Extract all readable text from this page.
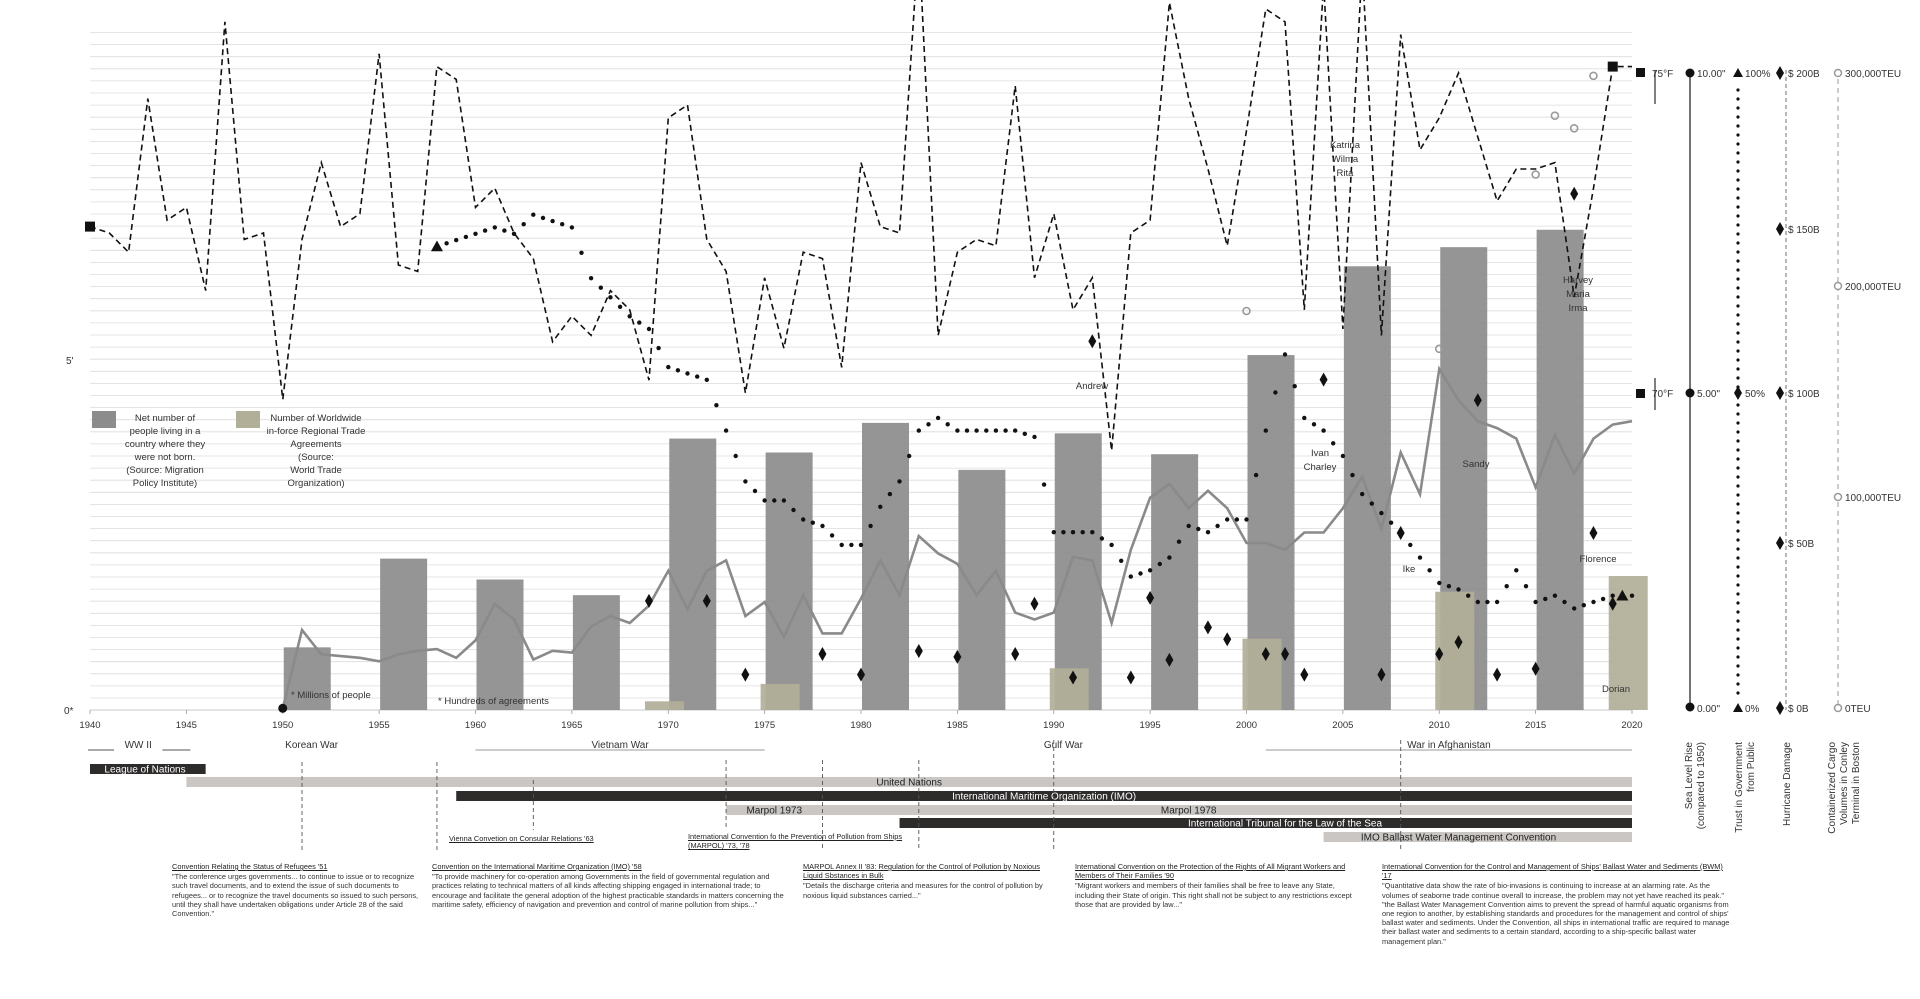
0*
5'
1940	1945	1950	1955	1960	1965	1970	1975	1980	1985	1990	1995	2000	2005	2010	2015	2020
Katrina
Wilma
Rita
Harvey
Maria
Irma
Andrew
Ivan
Charley	Sandy
Ike
Florence
Dorian
Net number of
people living in a
country where they
were not born.
(Source: Migration
Policy Institute)
Number of Worldwide
in-force Regional Trade
Agreements
(Source:
World Trade
Organization)
* Millions of people
* Hundreds of agreements
75°F
70°F
10.00"
5.00"
0.00"
100%
50%
0%	$ 0B
$ 50B
$ 100B
$ 150B
$ 200B
0TEU
100,000TEU
200,000TEU
300,000TEU
Sea Level Rise (compared to 1950)	Trust in Government from Public	Hurricane Damage	Containerized Cargo Volumes in Conley Terminal in Boston
WW II	Korean War	Vietnam War	Gulf War	War in Afghanistan
League of Nations
United Nations
International Maritime Organization (IMO)
Marpol 1973	Marpol 1978
International Tribunal for the Law of the Sea
IMO Ballast Water Management Convention
Convention Relating the Status of Refugees '51
"The conference urges governments... to continue to issue or to recognize such travel documents, and to extend the issue of such documents to refugees... or to recognize the travel documents so issued to such persons, until they shall have undertaken obligations under Article 28 of the said Convention."
Convention on the International Maritime Organization (IMO) '58
"To provide machinery for co-operation among Governments in the field of governmental regulation and practices relating to technical matters of all kinds affecting shipping engaged in international trade; to encourage and facilitate the general adoption of the highest practicable standards in matters concerning the maritime safety, efficiency of navigation and prevention and control of marine pollution from ships..."
Vienna Convetion on Consular Relations '63	International Convention fo the Prevention of Pollution from Ships (MARPOL) '73, '78
MARPOL Annex II '83: Regulation for the Control of Pollution by Noxious Liquid Sbstances in Bulk
"Details the discharge criteria and measures for the control of pollution by noxious liquid substances carried..."
International Convention on the Protection of the Rights of All Migrant Workers and Members of Their Families '90
"Migrant workers and members of their families shall be free to leave any State, including their State of origin. This right shall not be subject to any restrictions except those that are provided by law..."
International Convention for the Control and Management of Ships' Ballast Water and Sediments (BWM) '17
"Quantitative data show the rate of bio-invasions is continuing to increase at an alarming rate. As the volumes of seaborne trade continue overall to increase, the problem may not yet have reached its peak." "the Ballast Water Management Convention aims to prevent the spread of harmful aquatic organisms from one region to another, by establishing standards and procedures for the management and control of ships' ballast water and sediments. Under the Convention, all ships in international traffic are required to manage their ballast water and sediments to a certain standard, according to a ship-specific ballast water management plan."
